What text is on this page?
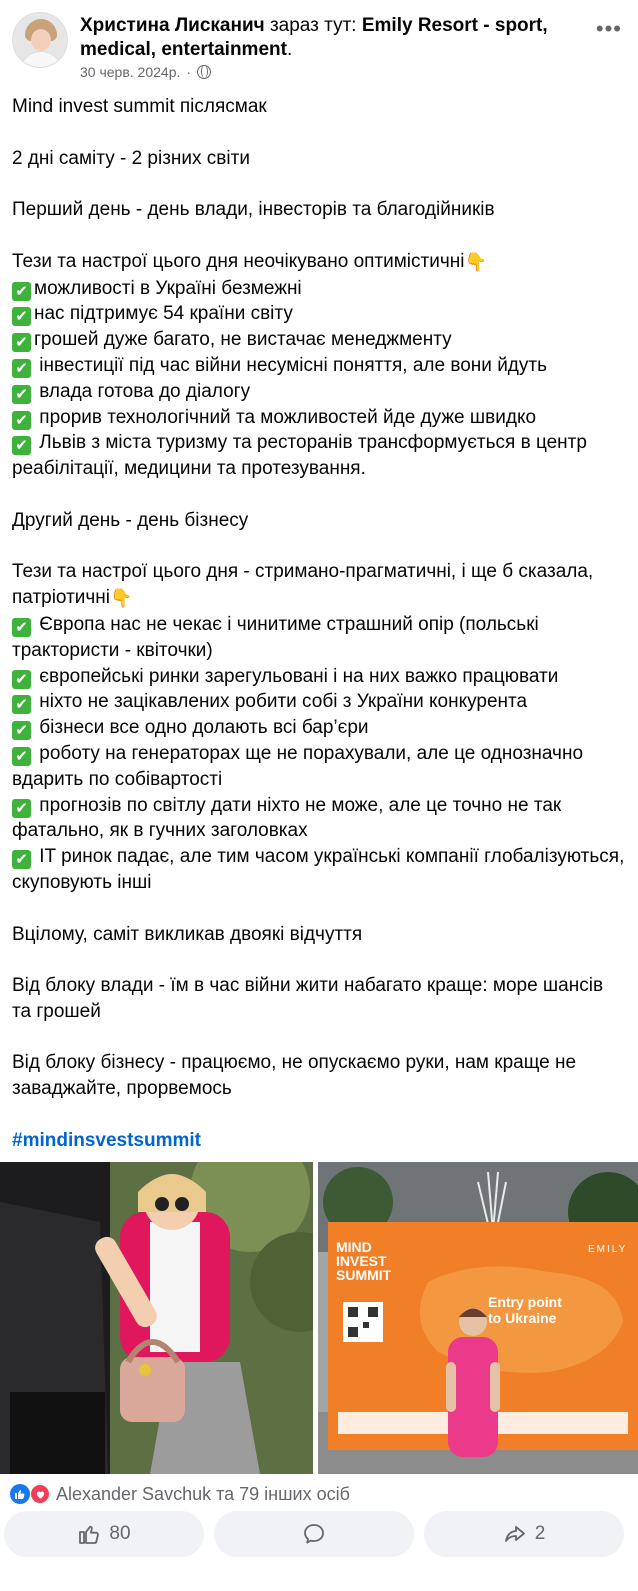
Христина Лисканич зараз тут: Emily Resort - sport, medical, entertainment.
30 черв. 2024р. ·
•••

Mind invest summit післясмак

2 дні саміту - 2 різних світи

Перший день - день влади, інвесторів та благодійників

Тези та настрої цього дня неочікувано оптимістичні👇

✔ можливості в Україні безмежні

✔ нас підтримує 54 країни світу

✔ грошей дуже багато, не вистачає менеджменту

✔ інвестиції під час війни несумісні поняття, але вони йдуть

✔ влада готова до діалогу

✔ прорив технологічний та можливостей йде дуже швидко

✔ Львів з міста туризму та ресторанів трансформується в центр реабілітації, медицини та протезування.

Другий день - день бізнесу

Тези та настрої цього дня - стримано-прагматичні, і ще б сказала, патріотичні👇

✔ Європа нас не чекає і чинитиме страшний опір (польські трактористи - квіточки)

✔ європейські ринки зарегульовані і на них важко працювати

✔ ніхто не зацікавлених робити собі з України конкурента

✔ бізнеси все одно долають всі бар’єри

✔ роботу на генераторах ще не порахували, але це однозначно вдарить по собівартості

✔ прогнозів по світлу дати ніхто не може, але це точно не так фатально, як в гучних заголовках

✔ IT ринок падає, але тим часом українські компанії глобалізуються, скуповують інші

Вцілому, саміт викликав двоякі відчуття

Від блоку влади - їм в час війни жити набагато краще: море шансів та грошей

Від блоку бізнесу - працюємо, не опускаємо руки, нам краще не заваджайте, прорвемось

#mindinsvestsummit

MIND
INVEST
SUMMIT
Entry point
to Ukraine
EMILY
Alexander Savchuk та 79 інших осіб
80	2
